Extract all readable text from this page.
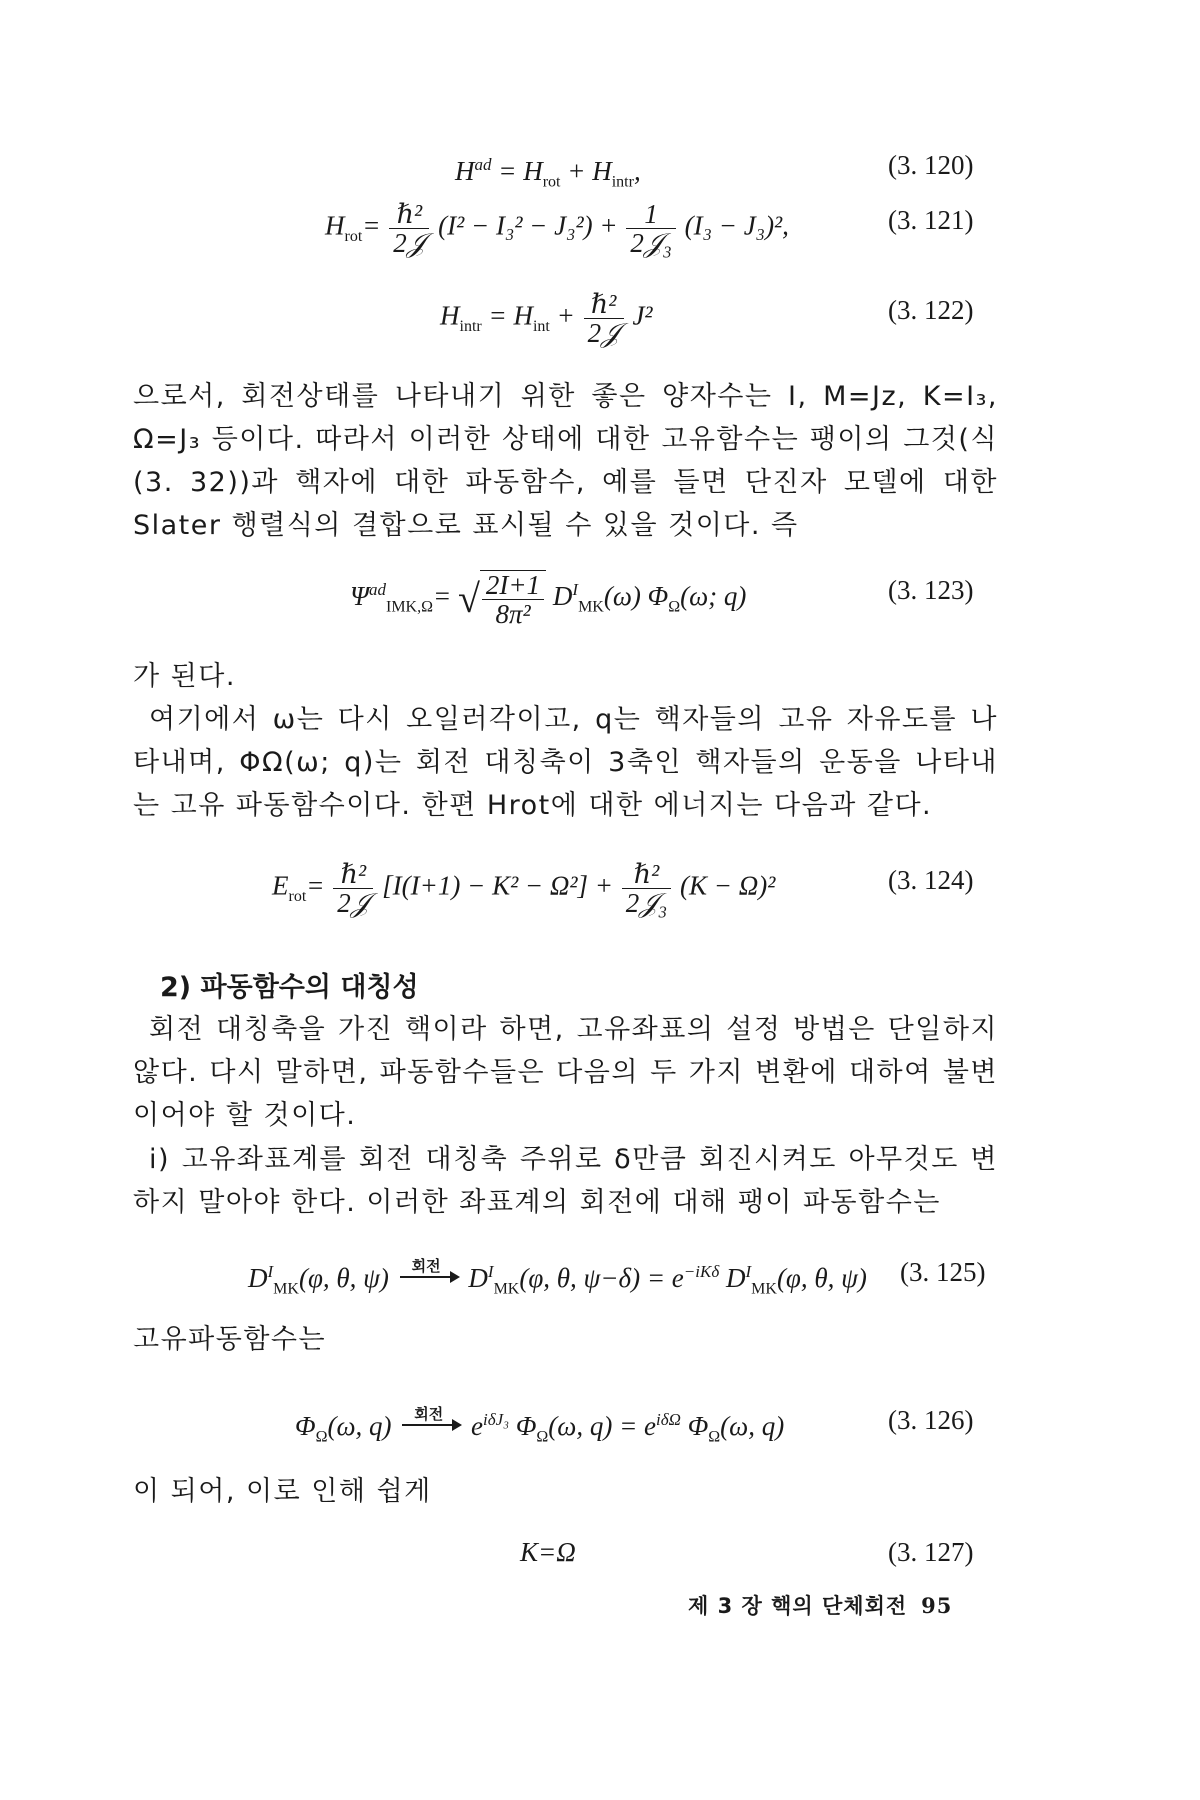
$H^{ad} = H_{rot} + H_{intr}$,	(3. 120)
$H_{rot}= \frac{\text{ℏ²}}{\text{2𝒥}} (I^2 - I_3^2 - J_3^2) + \frac{1}{\text{2𝒥₃}} (I_3 - J_3)^2$,	(3. 121)
$H_{intr} = H_{int} + \frac{\text{ℏ²}}{\text{2𝒥}} J^2$	(3. 122)
으로서, 회전상태를 나타내기 위한 좋은 양자수는 I, M=Jz, K=I₃, Ω=J₃ 등이다. 따라서 이러한 상태에 대한 고유함수는 팽이의 그것(식 (3. 32))과 핵자에 대한 파동함수, 예를 들면 단진자 모델에 대한 Slater 행렬식의 결합으로 표시될 수 있을 것이다. 즉
$\Psi^{ad}_{IMK,\Omega}=$ √ $\frac{2I+1}{\text{8π²}} D^I_{MK}(\omega)$ $\Phi_\Omega(\omega$; q)	(3. 123)
가 된다.
여기에서 ω는 다시 오일러각이고, q는 핵자들의 고유 자유도를 나타내며, ΦΩ(ω; q)는 회전 대칭축이 3축인 핵자들의 운동을 나타내는 고유 파동함수이다. 한편 Hrot에 대한 에너지는 다음과 같다.
$E_{rot}= \frac{\text{ℏ²}}{\text{2𝒥}} [I(I+1) - K^2 - \Omega^2] + \frac{\text{ℏ²}}{\text{2𝒥₃}} (K - \Omega)^2$	(3. 124)
2) 파동함수의 대칭성
회전 대칭축을 가진 핵이라 하면, 고유좌표의 설정 방법은 단일하지 않다. 다시 말하면, 파동함수들은 다음의 두 가지 변환에 대하여 불변이어야 할 것이다.
i) 고유좌표계를 회전 대칭축 주위로 δ만큼 회진시켜도 아무것도 변하지 말아야 한다. 이러한 좌표계의 회전에 대해 팽이 파동함수는
$D^I_{MK}(\varphi$, θ, ψ) 회전 $D^I_{MK}(\varphi$, θ, $\psi-\delta) = e^{-iK\delta}$ $D^I_{MK}(\varphi$, θ, ψ) (3. 125)
고유파동함수는
$\Phi_\Omega(\omega$, q) 회전 $e^{i\delta J_3}$ $\Phi_\Omega(\omega$, $q) = e^{i\delta\Omega}$ $\Phi_\Omega(\omega$, q)	(3. 126)
이 되어, 이로 인해 쉽게
K=Ω	(3. 127)
제 3 장 핵의 단체회전 95
